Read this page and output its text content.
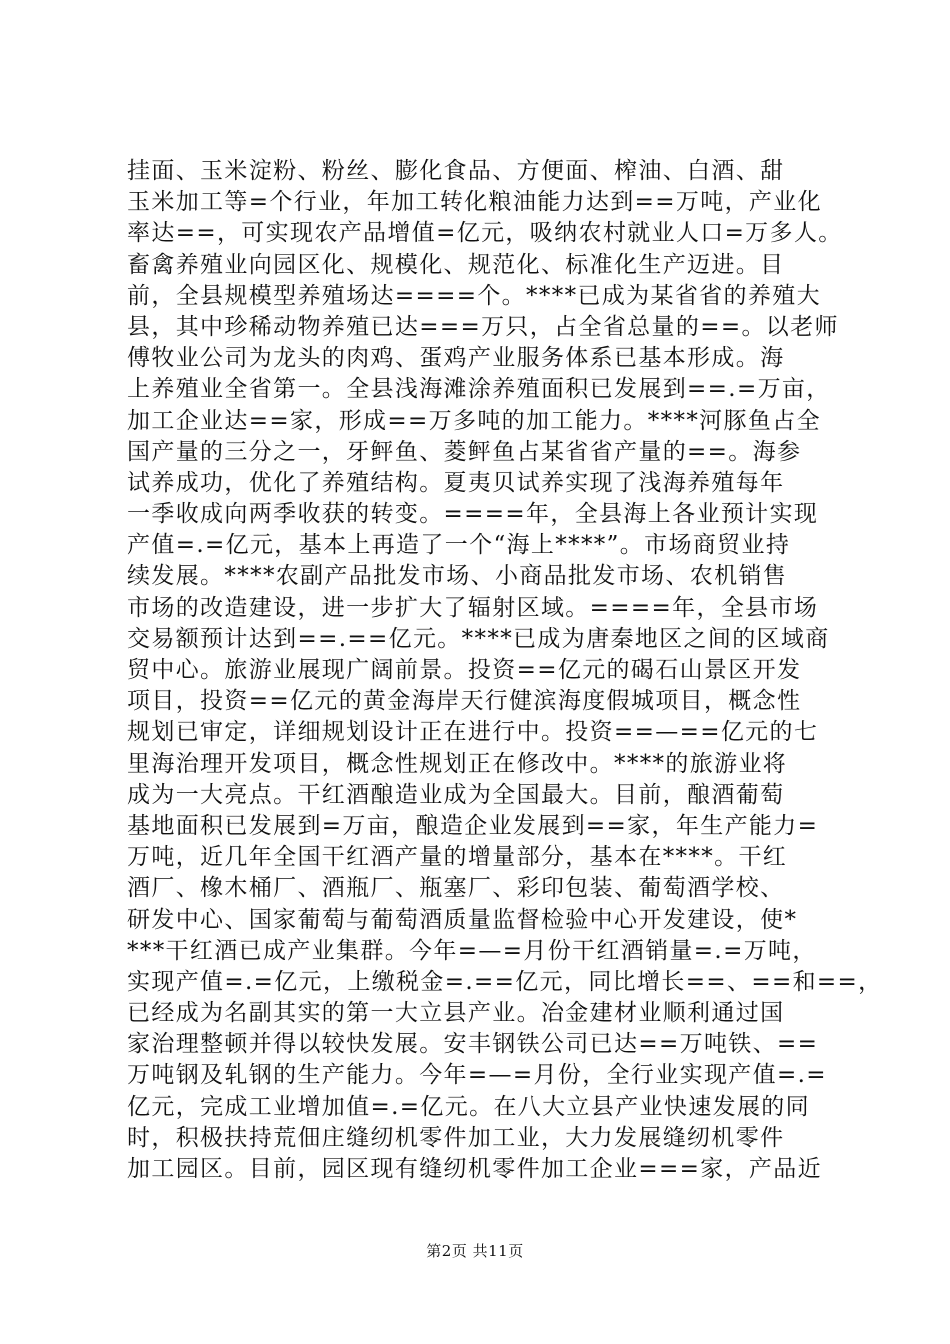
挂面、玉米淀粉、粉丝、膨化食品、方便面、榨油、白酒、甜
玉米加工等=个行业，年加工转化粮油能力达到==万吨，产业化
率达==，可实现农产品增值=亿元，吸纳农村就业人口=万多人。
畜禽养殖业向园区化、规模化、规范化、标准化生产迈进。目
前，全县规模型养殖场达====个。****已成为某省省的养殖大
县，其中珍稀动物养殖已达===万只，占全省总量的==。以老师
傅牧业公司为龙头的肉鸡、蛋鸡产业服务体系已基本形成。海
上养殖业全省第一。全县浅海滩涂养殖面积已发展到==.=万亩，
加工企业达==家，形成==万多吨的加工能力。****河豚鱼占全
国产量的三分之一，牙鲆鱼、菱鲆鱼占某省省产量的==。海参
试养成功，优化了养殖结构。夏夷贝试养实现了浅海养殖每年
一季收成向两季收获的转变。====年，全县海上各业预计实现
产值=.=亿元，基本上再造了一个“海上****”。市场商贸业持
续发展。****农副产品批发市场、小商品批发市场、农机销售
市场的改造建设，进一步扩大了辐射区域。====年，全县市场
交易额预计达到==.==亿元。****已成为唐秦地区之间的区域商
贸中心。旅游业展现广阔前景。投资==亿元的碣石山景区开发
项目，投资==亿元的黄金海岸天行健滨海度假城项目，概念性
规划已审定，详细规划设计正在进行中。投资==—==亿元的七
里海治理开发项目，概念性规划正在修改中。****的旅游业将
成为一大亮点。干红酒酿造业成为全国最大。目前，酿酒葡萄
基地面积已发展到=万亩，酿造企业发展到==家，年生产能力=
万吨，近几年全国干红酒产量的增量部分，基本在****。干红
酒厂、橡木桶厂、酒瓶厂、瓶塞厂、彩印包装、葡萄酒学校、
研发中心、国家葡萄与葡萄酒质量监督检验中心开发建设，使*
***干红酒已成产业集群。今年=—=月份干红酒销量=.=万吨，
实现产值=.=亿元，上缴税金=.==亿元，同比增长==、==和==，
已经成为名副其实的第一大立县产业。冶金建材业顺利通过国
家治理整顿并得以较快发展。安丰钢铁公司已达==万吨铁、==
万吨钢及轧钢的生产能力。今年=—=月份，全行业实现产值=.=
亿元，完成工业增加值=.=亿元。在八大立县产业快速发展的同
时，积极扶持荒佃庄缝纫机零件加工业，大力发展缝纫机零件
加工园区。目前，园区现有缝纫机零件加工企业===家，产品近
第2页 共11页
